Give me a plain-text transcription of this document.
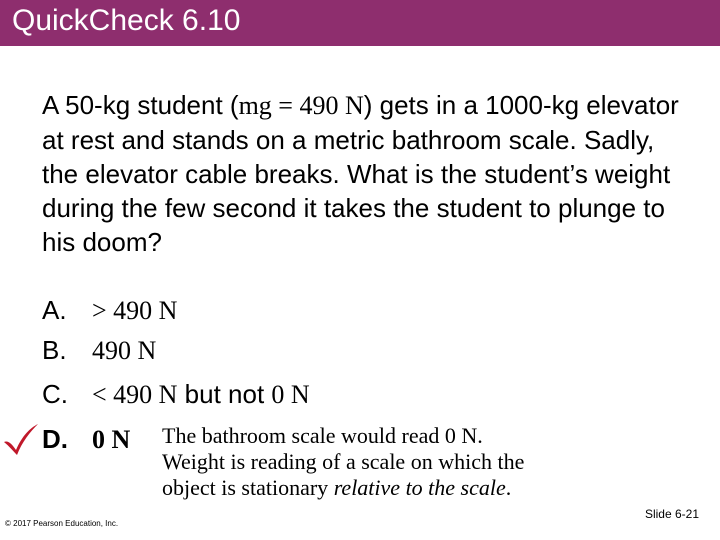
QuickCheck 6.10
A 50-kg student (mg = 490 N) gets in a 1000-kg elevator at rest and stands on a metric bathroom scale. Sadly, the elevator cable breaks. What is the student’s weight during the few second it takes the student to plunge to his doom?
A. > 490 N
B. 490 N
C. < 490 N but not 0 N
D. 0 N The bathroom scale would read 0 N.
Weight is reading of a scale on which the
object is stationary relative to the scale.
© 2017 Pearson Education, Inc.
Slide 6-21
